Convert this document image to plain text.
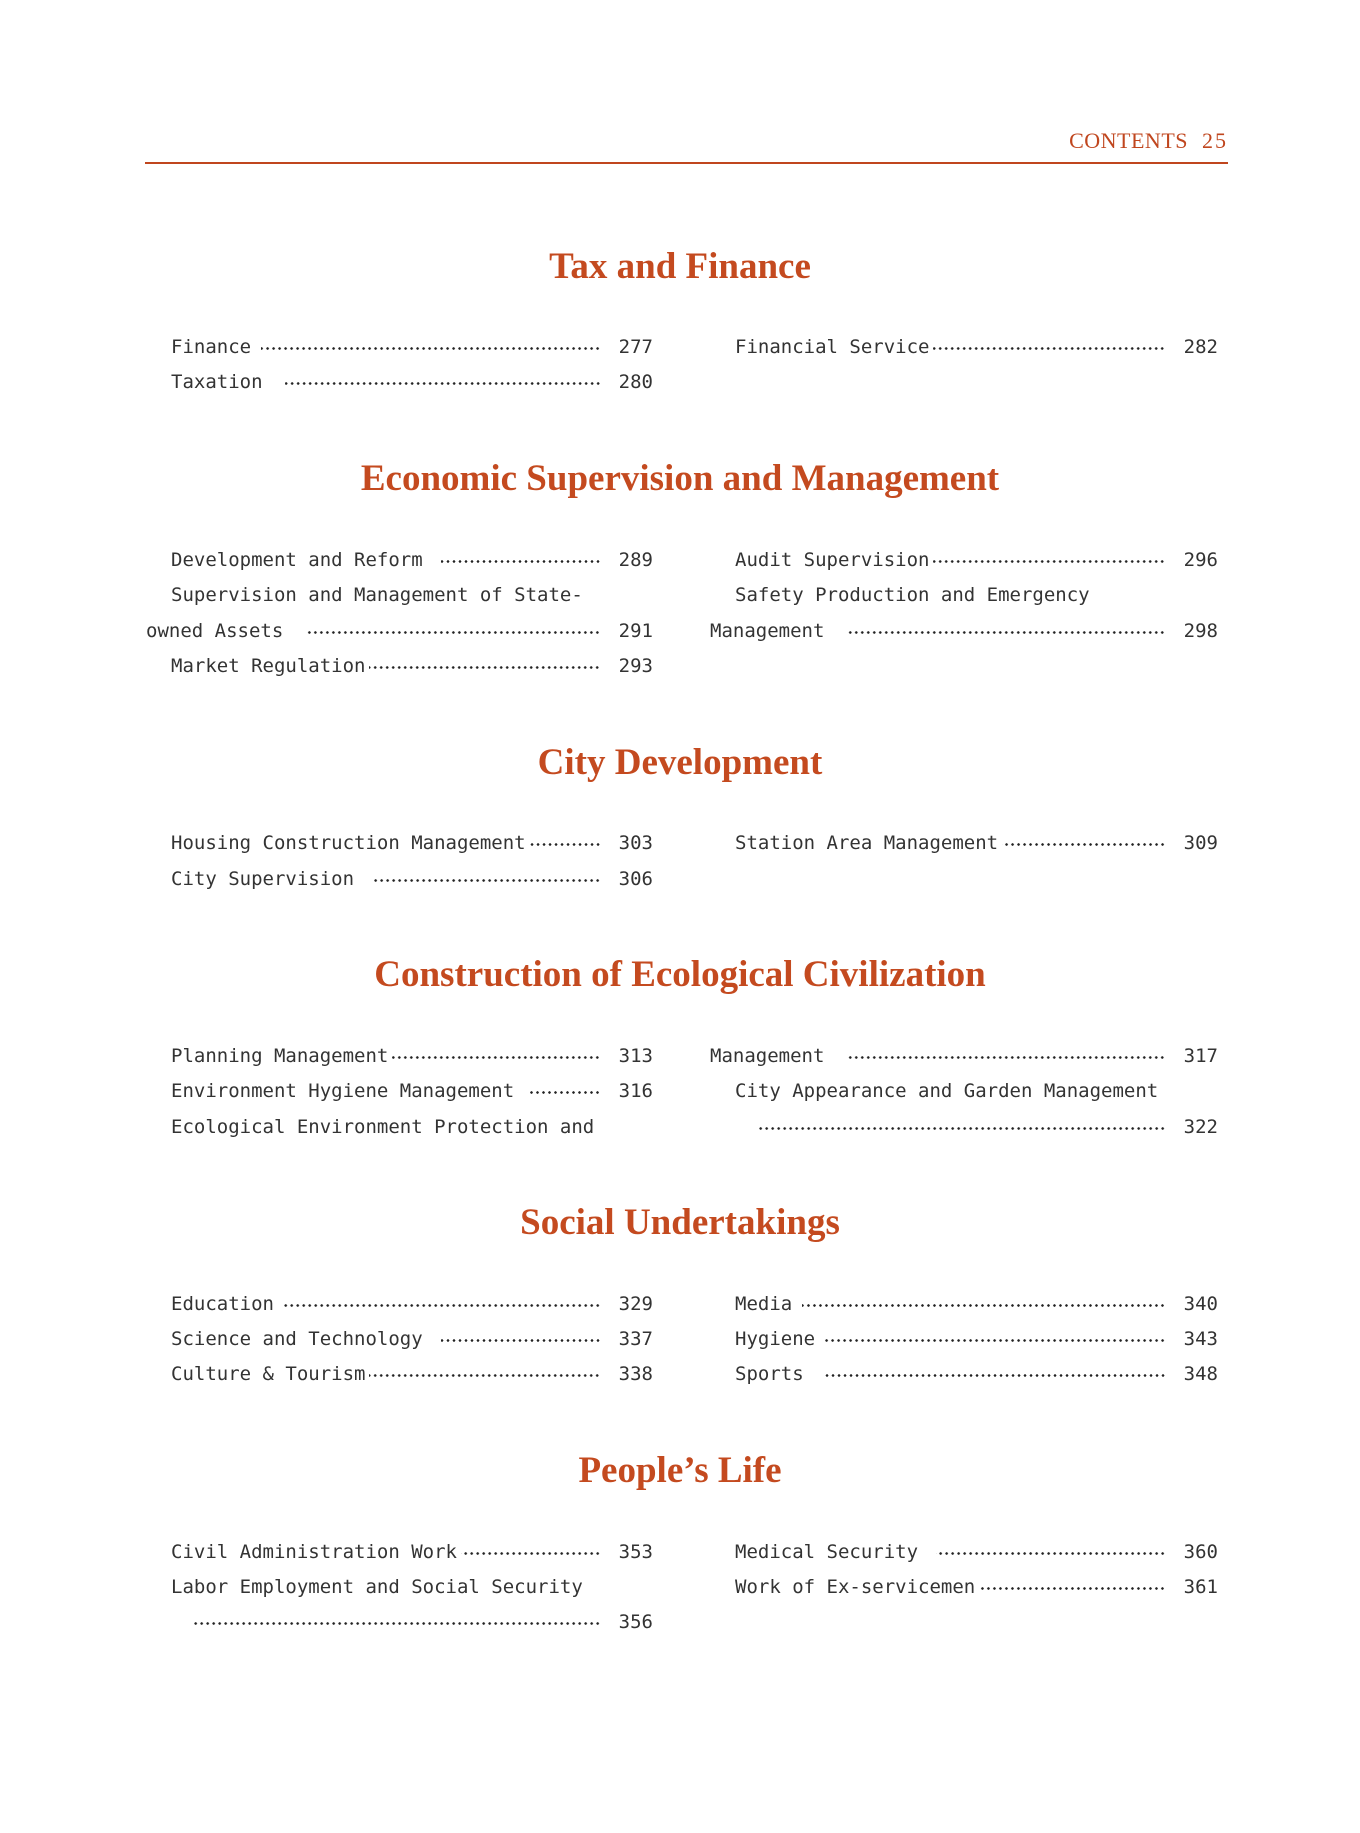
CONTENTS 25
Tax and Finance
Finance	277
Taxation	280
Financial Service	282
Economic Supervision and Management
Development and Reform	289
Supervision and Management of State-
owned Assets	291
Market Regulation	293
Audit Supervision	296
Safety Production and Emergency
Management	298
City Development
Housing Construction Management	303
City Supervision	306
Station Area Management	309
Construction of Ecological Civilization
Planning Management	313
Environment Hygiene Management	316
Ecological Environment Protection and
Management	317
City Appearance and Garden Management
322
Social Undertakings
Education	329
Science and Technology	337
Culture & Tourism	338
Media	340
Hygiene	343
Sports	348
People’s Life
Civil Administration Work	353
Labor Employment and Social Security
356
Medical Security	360
Work of Ex-servicemen	361
